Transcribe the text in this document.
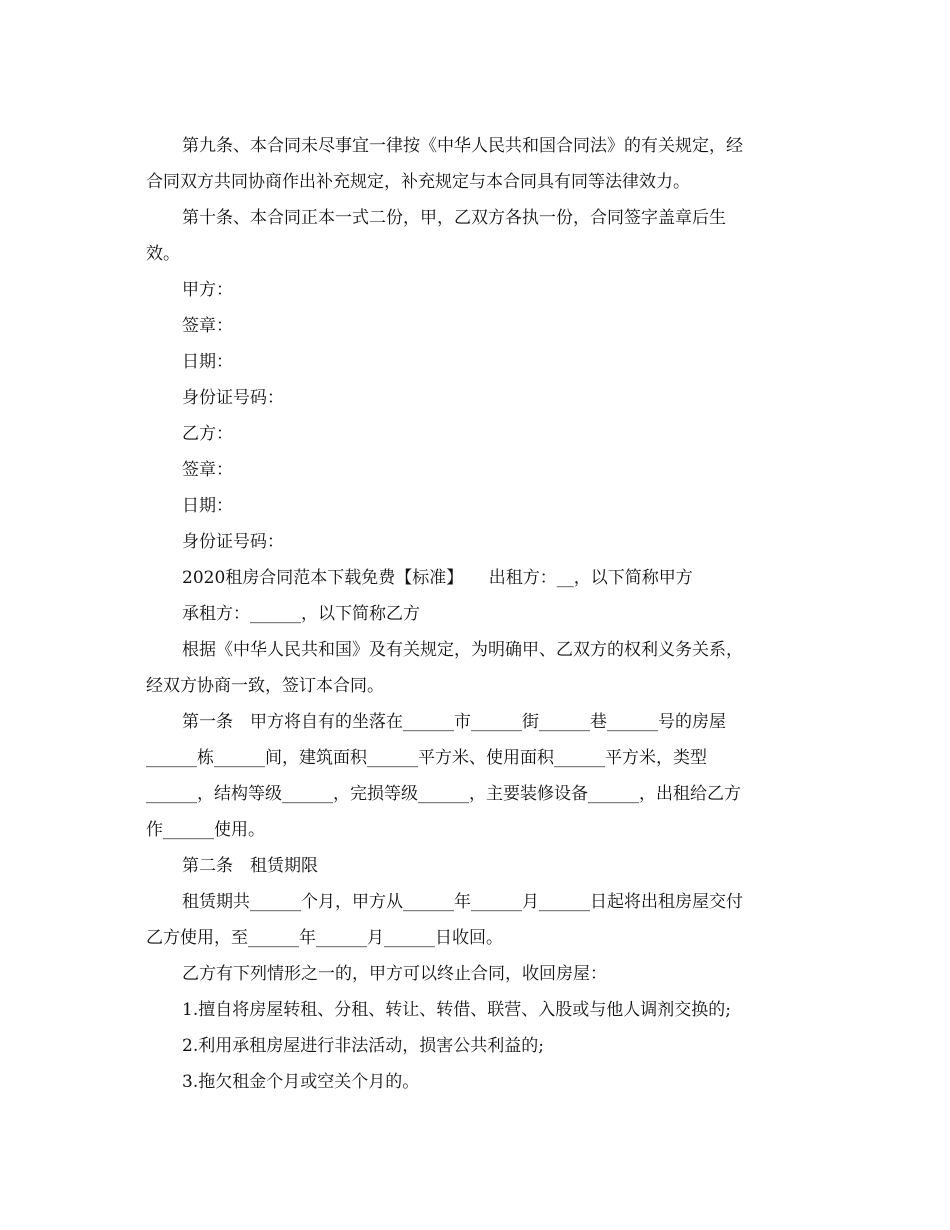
第九条、本合同未尽事宜一律按《中华人民共和国合同法》的有关规定，经
合同双方共同协商作出补充规定，补充规定与本合同具有同等法律效力。
第十条、本合同正本一式二份，甲，乙双方各执一份，合同签字盖章后生
效。
甲方：
签章：
日期：
身份证号码：
乙方：
签章：
日期：
身份证号码：
2020租房合同范本下载免费【标准】　　出租方：__，以下简称甲方
承租方：______，以下简称乙方
根据《中华人民共和国》及有关规定，为明确甲、乙双方的权利义务关系，
经双方协商一致，签订本合同。
第一条　甲方将自有的坐落在______市______街______巷______号的房屋
______栋______间，建筑面积______平方米、使用面积______平方米，类型
______，结构等级______，完损等级______，主要装修设备______，出租给乙方
作______使用。
第二条　租赁期限
租赁期共______个月，甲方从______年______月______日起将出租房屋交付
乙方使用，至______年______月______日收回。
乙方有下列情形之一的，甲方可以终止合同，收回房屋：
1.擅自将房屋转租、分租、转让、转借、联营、入股或与他人调剂交换的;
2.利用承租房屋进行非法活动，损害公共利益的;
3.拖欠租金个月或空关个月的。
